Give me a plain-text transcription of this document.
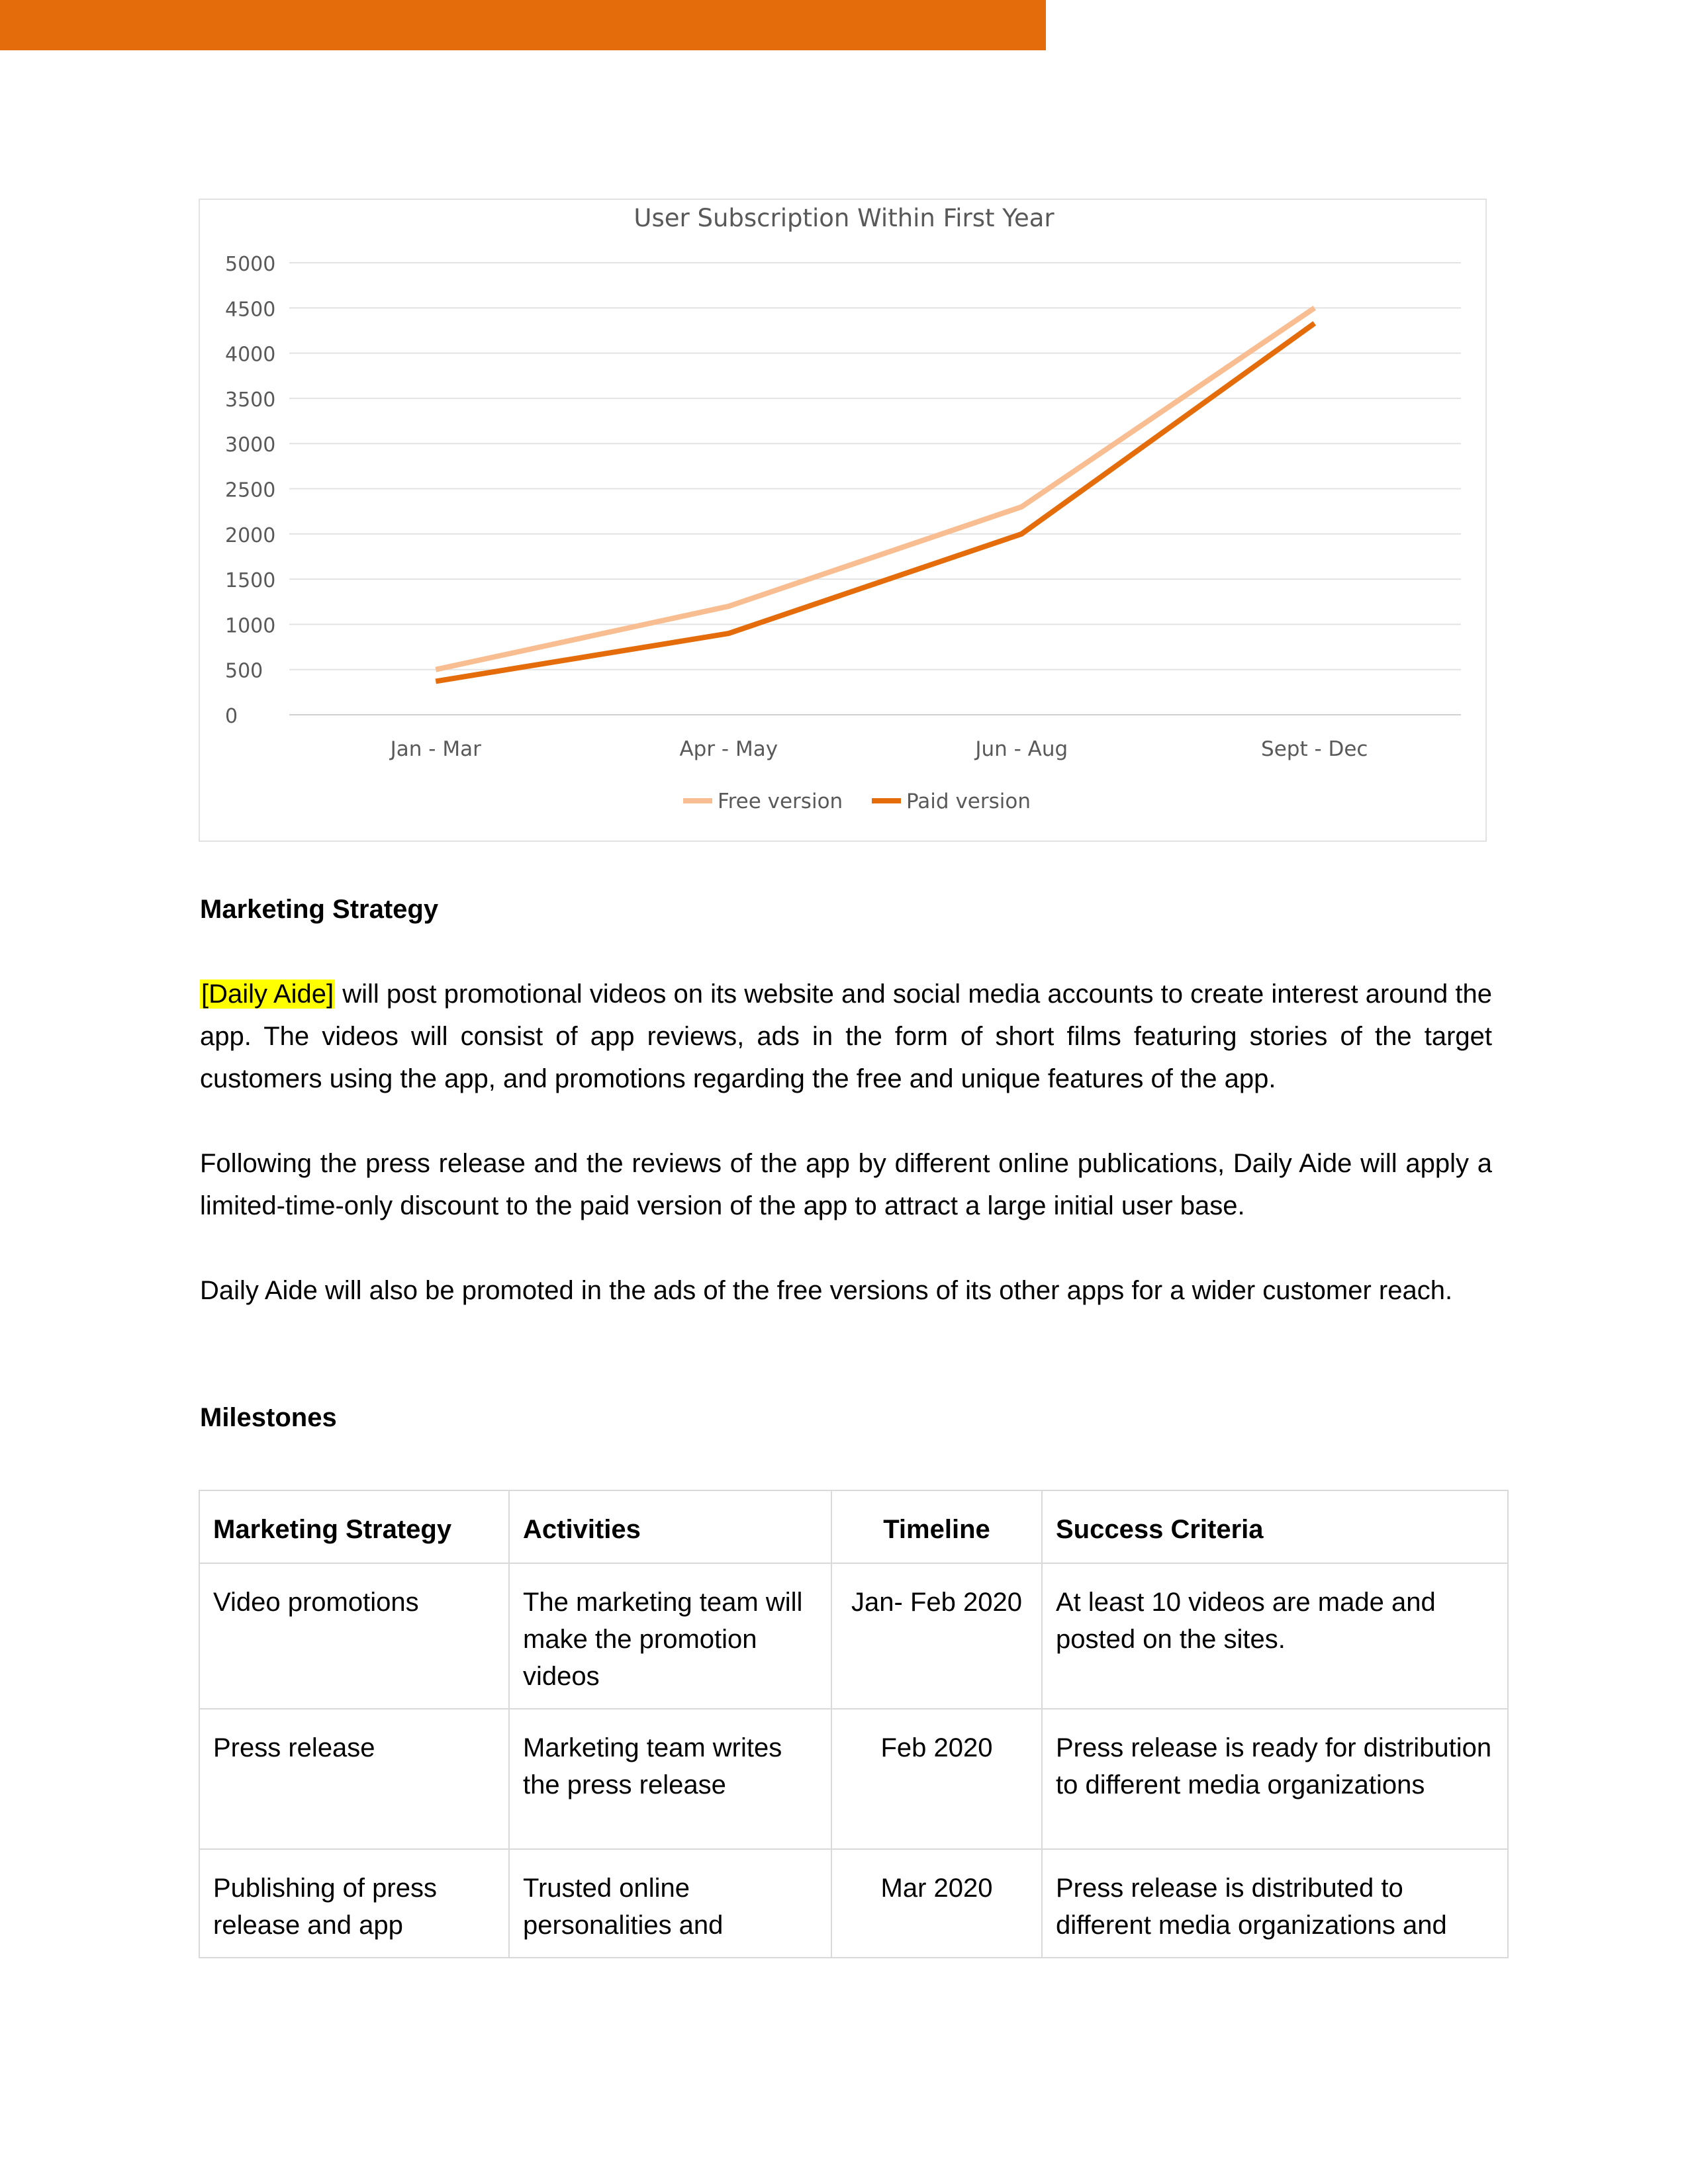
User Subscription Within First Year
0
500
1000
1500
2000
2500
3000
3500
4000
4500
5000
Jan - Mar	Apr - May	Jun - Aug	Sept - Dec
Free version	Paid version
Marketing Strategy

[Daily Aide] will post promotional videos on its website and social media accounts to create interest around the app. The videos will consist of app reviews, ads in the form of short films featuring stories of the target customers using the app, and promotions regarding the free and unique features of the app.

Following the press release and the reviews of the app by different online publications, Daily Aide will apply a limited-time-only discount to the paid version of the app to attract a large initial user base.

Daily Aide will also be promoted in the ads of the free versions of its other apps for a wider customer reach.

Milestones
Marketing Strategy	Activities	Timeline	Success Criteria
Video promotions	The marketing team will make the promotion videos	Jan- Feb 2020	At least 10 videos are made and posted on the sites.
Press release	Marketing team writes the press release	Feb 2020	Press release is ready for distribution to different media organizations
Publishing of press release and app	Trusted online personalities and	Mar 2020	Press release is distributed to different media organizations and
